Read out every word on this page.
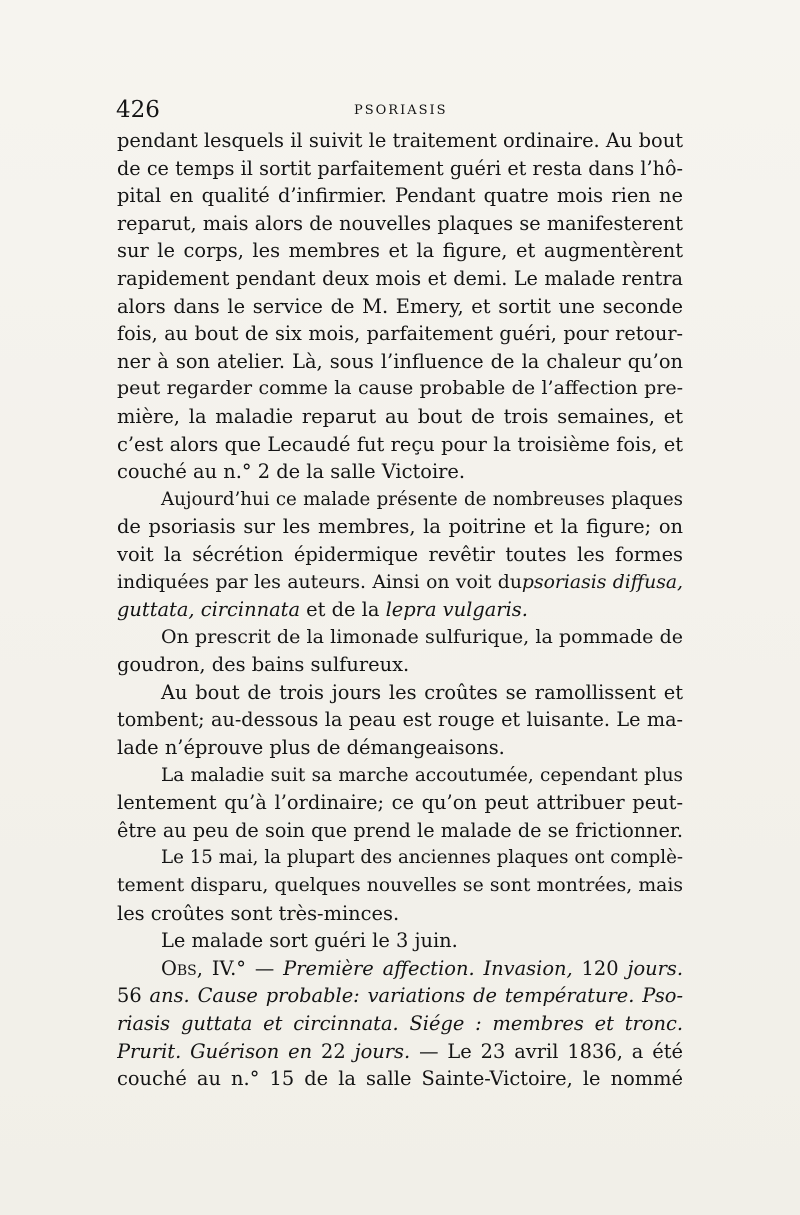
426	PSORIASIS
pendant lesquels il suivit le traitement ordinaire. Au bout
de ce temps il sortit parfaitement guéri et resta dans l’hô-
pital en qualité d’infirmier. Pendant quatre mois rien ne
reparut, mais alors de nouvelles plaques se manifesterent
sur le corps, les membres et la figure, et augmentèrent
rapidement pendant deux mois et demi. Le malade rentra
alors dans le service de M. Emery, et sortit une seconde
fois, au bout de six mois, parfaitement guéri, pour retour-
ner à son atelier. Là, sous l’influence de la chaleur qu’on
peut regarder comme la cause probable de l’affection pre-
mière, la maladie reparut au bout de trois semaines, et
c’est alors que Lecaudé fut reçu pour la troisième fois, et
couché au n.° 2 de la salle Victoire.
Aujourd’hui ce malade présente de nombreuses plaques
de psoriasis sur les membres, la poitrine et la figure; on
voit la sécrétion épidermique revêtir toutes les formes
indiquées par les auteurs. Ainsi on voit dupsoriasis diffusa,
guttata, circinnata et de la lepra vulgaris.
On prescrit de la limonade sulfurique, la pommade de
goudron, des bains sulfureux.
Au bout de trois jours les croûtes se ramollissent et
tombent; au-dessous la peau est rouge et luisante. Le ma-
lade n’éprouve plus de démangeaisons.
La maladie suit sa marche accoutumée, cependant plus
lentement qu’à l’ordinaire; ce qu’on peut attribuer peut-
être au peu de soin que prend le malade de se frictionner.
Le 15 mai, la plupart des anciennes plaques ont complè-
tement disparu, quelques nouvelles se sont montrées, mais
les croûtes sont très-minces.
Le malade sort guéri le 3 juin.
Obs, IV.° — Première affection. Invasion, 120 jours.
56 ans. Cause probable: variations de température. Pso-
riasis guttata et circinnata. Siége : membres et tronc.
Prurit. Guérison en 22 jours. — Le 23 avril 1836, a été
couché au n.° 15 de la salle Sainte-Victoire, le nommé
